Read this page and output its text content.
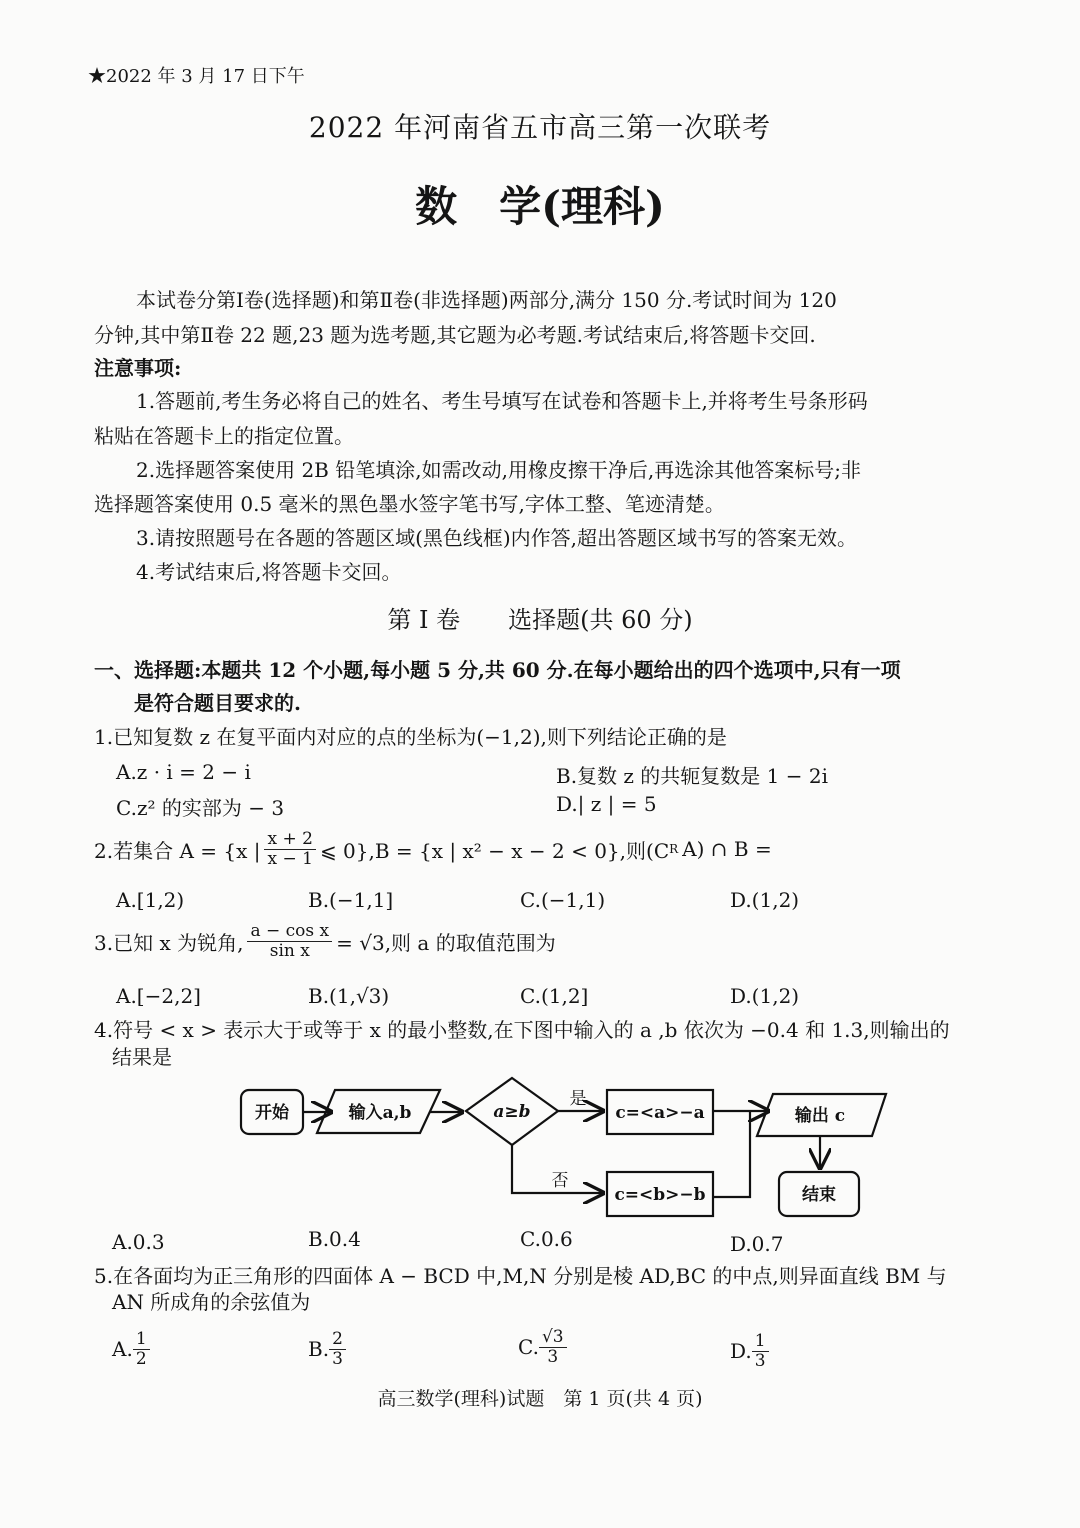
★2022 年 3 月 17 日下午
2022 年河南省五市高三第一次联考
数　学(理科)
本试卷分第Ⅰ卷(选择题)和第Ⅱ卷(非选择题)两部分,满分 150 分.考试时间为 120
分钟,其中第Ⅱ卷 22 题,23 题为选考题,其它题为必考题.考试结束后,将答题卡交回.
注意事项:
1.答题前,考生务必将自己的姓名、考生号填写在试卷和答题卡上,并将考生号条形码
粘贴在答题卡上的指定位置。
2.选择题答案使用 2B 铅笔填涂,如需改动,用橡皮擦干净后,再选涂其他答案标号;非
选择题答案使用 0.5 毫米的黑色墨水签字笔书写,字体工整、笔迹清楚。
3.请按照题号在各题的答题区域(黑色线框)内作答,超出答题区域书写的答案无效。
4.考试结束后,将答题卡交回。
第 Ⅰ 卷　　选择题(共 60 分)
一、选择题:本题共 12 个小题,每小题 5 分,共 60 分.在每小题给出的四个选项中,只有一项
是符合题目要求的.
1.已知复数 z 在复平面内对应的点的坐标为(−1,2),则下列结论正确的是
A.z · i = 2 − i	B.复数 z 的共轭复数是 1 − 2i
C.z² 的实部为 − 3	D.| z | = 5
2.若集合 A = {x | $\frac{x + 2}{x - 1}$ ⩽ 0},B = {x | x² − x − 2 < 0},则(C R A) ∩ B =
A.[1,2)	B.(−1,1]	C.(−1,1)	D.(1,2)
3.已知 x 为锐角, $\frac{\text{a − cos x}}{\text{sin x}} = √3$,则 a 的取值范围为
A.[−2,2]	B.(1,√3)	C.(1,2]	D.(1,2)
4.符号 < x > 表示大于或等于 x 的最小整数,在下图中输入的 a ,b 依次为 −0.4 和 1.3,则输出的
结果是
开始	输入a,b	a≥b
是
否
c=<a>−a
c=<b>−b
输出 c
结束
A.0.3	B.0.4	C.0.6	D.0.7
5.在各面均为正三角形的四面体 A − BCD 中,M,N 分别是棱 AD,BC 的中点,则异面直线 BM 与
AN 所成角的余弦值为
A. $\frac{1}{2}$	B. $\frac{2}{3}$	C. $\frac{√3}{3}$	D. $\frac{1}{3}$
高三数学(理科)试题　第 1 页(共 4 页)
